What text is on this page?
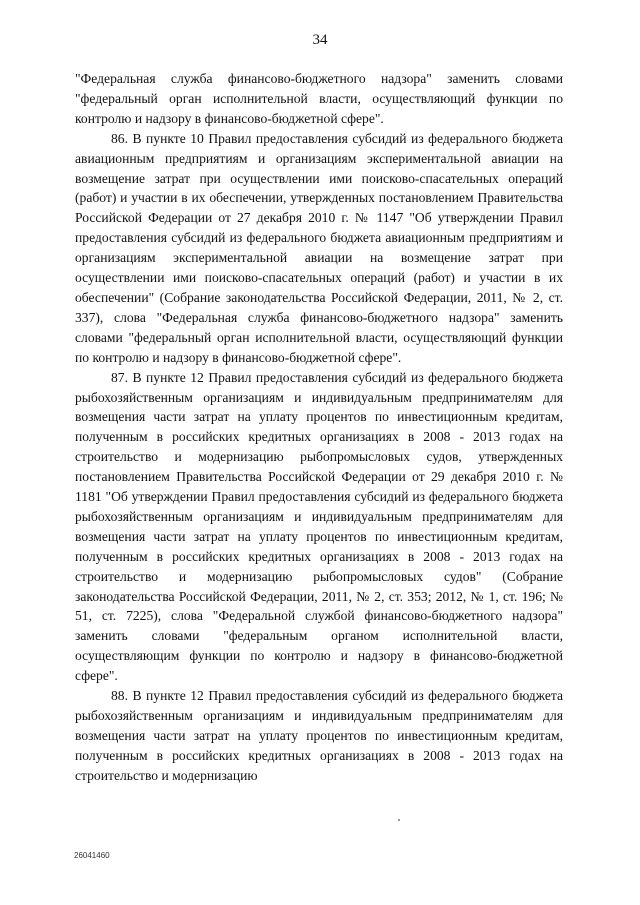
34

"Федеральная служба финансово-бюджетного надзора" заменить словами "федеральный орган исполнительной власти, осуществляющий функции по контролю и надзору в финансово-бюджетной сфере".

86. В пункте 10 Правил предоставления субсидий из федерального бюджета авиационным предприятиям и организациям экспериментальной авиации на возмещение затрат при осуществлении ими поисково-спасательных операций (работ) и участии в их обеспечении, утвержденных постановлением Правительства Российской Федерации от 27 декабря 2010 г. № 1147 "Об утверждении Правил предоставления субсидий из федерального бюджета авиационным предприятиям и организациям экспериментальной авиации на возмещение затрат при осуществлении ими поисково-спасательных операций (работ) и участии в их обеспечении" (Собрание законодательства Российской Федерации, 2011, № 2, ст. 337), слова "Федеральная служба финансово-бюджетного надзора" заменить словами "федеральный орган исполнительной власти, осуществляющий функции по контролю и надзору в финансово-бюджетной сфере".

87. В пункте 12 Правил предоставления субсидий из федерального бюджета рыбохозяйственным организациям и индивидуальным предпринимателям для возмещения части затрат на уплату процентов по инвестиционным кредитам, полученным в российских кредитных организациях в 2008 - 2013 годах на строительство и модернизацию рыбопромысловых судов, утвержденных постановлением Правительства Российской Федерации от 29 декабря 2010 г. № 1181 "Об утверждении Правил предоставления субсидий из федерального бюджета рыбохозяйственным организациям и индивидуальным предпринимателям для возмещения части затрат на уплату процентов по инвестиционным кредитам, полученным в российских кредитных организациях в 2008 - 2013 годах на строительство и модернизацию рыбопромысловых судов" (Собрание законодательства Российской Федерации, 2011, № 2, ст. 353; 2012, № 1, ст. 196; № 51, ст. 7225), слова "Федеральной службой финансово-бюджетного надзора" заменить словами "федеральным органом исполнительной власти, осуществляющим функции по контролю и надзору в финансово-бюджетной сфере".

88. В пункте 12 Правил предоставления субсидий из федерального бюджета рыбохозяйственным организациям и индивидуальным предпринимателям для возмещения части затрат на уплату процентов по инвестиционным кредитам, полученным в российских кредитных организациях в 2008 - 2013 годах на строительство и модернизацию

26041460
